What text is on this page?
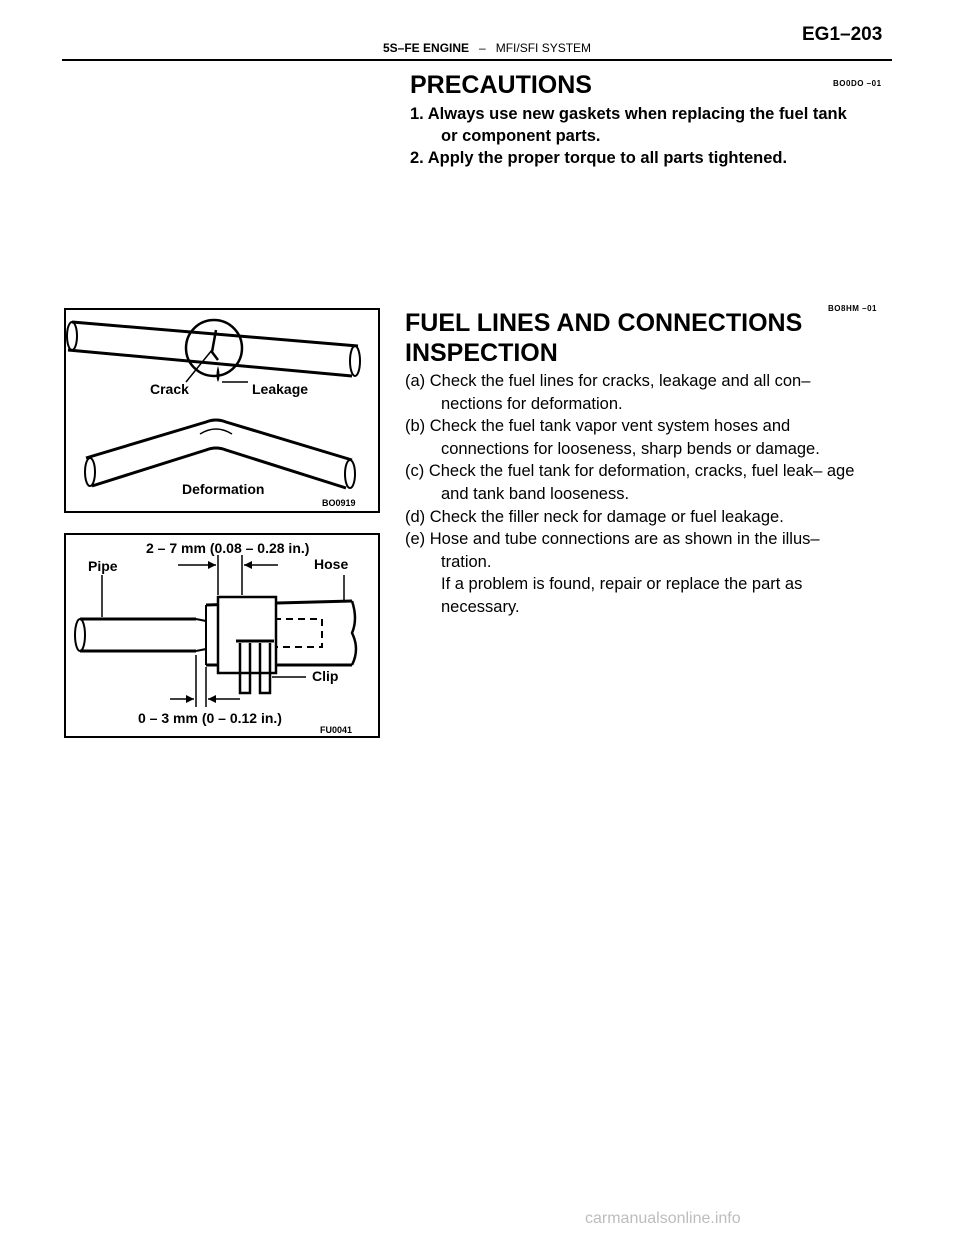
5S–FE ENGINE – MFI/SFI SYSTEM
EG1–203
PRECAUTIONS	BO0DO –01

1. Always use new gaskets when replacing the fuel tank or component parts.

2. Apply the proper torque to all parts tightened.

FUEL LINES AND CONNECTIONS
INSPECTION
BO8HM –01

(a) Check the fuel lines for cracks, leakage and all con– nections for deformation.

(b) Check the fuel tank vapor vent system hoses and connections for looseness, sharp bends or damage.

(c) Check the fuel tank for deformation, cracks, fuel leak– age and tank band looseness.

(d) Check the filler neck for damage or fuel leakage.

(e) Hose and tube connections are as shown in the illus– tration.

If a problem is found, repair or replace the part as necessary.

Crack	Leakage
Deformation
BO0919
2 – 7 mm (0.08 – 0.28 in.)
Pipe	Hose
Clip
0 – 3 mm (0 – 0.12 in.)
FU0041
carmanualsonline.info
